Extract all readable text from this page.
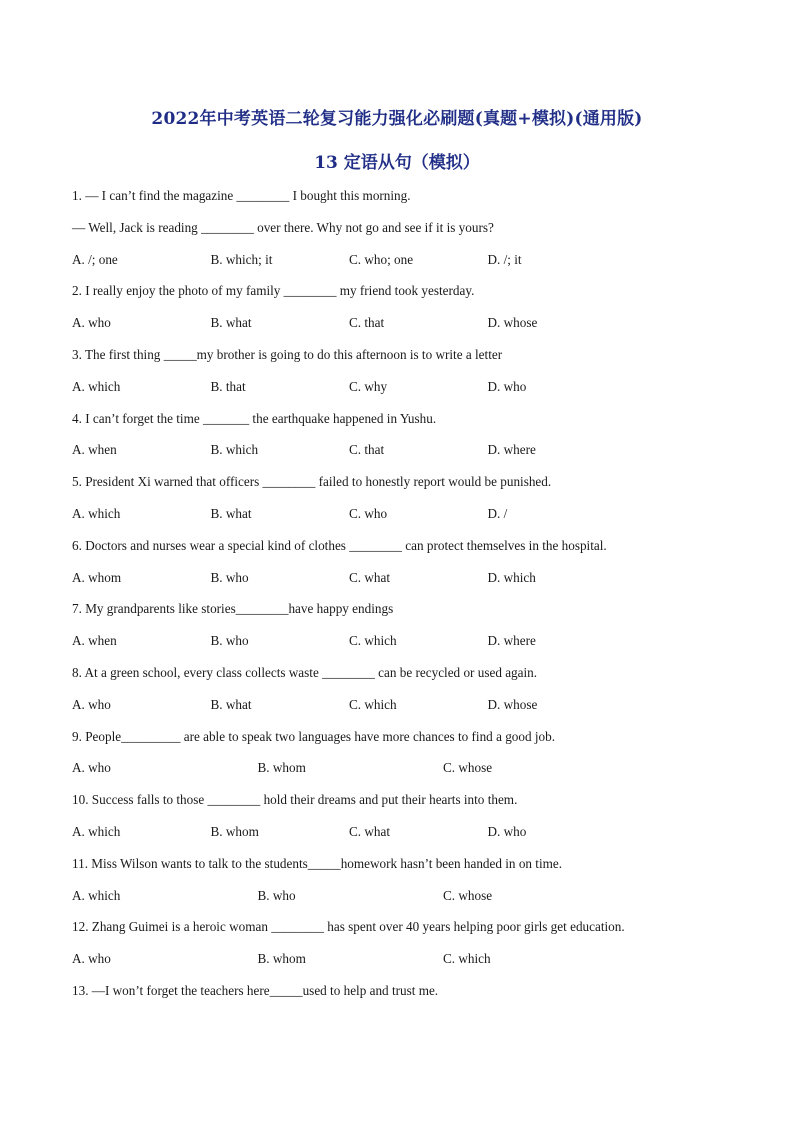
2022年中考英语二轮复习能力强化必刷题(真题+模拟)(通用版)
13 定语从句（模拟）
1. — I can’t find the magazine ________ I bought this morning.
— Well, Jack is reading ________ over there. Why not go and see if it is yours?
A. /; one	B. which; it	C. who; one	D. /; it
2. I really enjoy the photo of my family ________ my friend took yesterday.
A. who	B. what	C. that	D. whose
3. The first thing _____my brother is going to do this afternoon is to write a letter
A. which	B. that	C. why	D. who
4. I can’t forget the time _______ the earthquake happened in Yushu.
A. when	B. which	C. that	D. where
5. President Xi warned that officers ________ failed to honestly report would be punished.
A. which	B. what	C. who	D. /
6. Doctors and nurses wear a special kind of clothes ________ can protect themselves in the hospital.
A. whom	B. who	C. what	D. which
7. My grandparents like stories________have happy endings
A. when	B. who	C. which	D. where
8. At a green school, every class collects waste ________ can be recycled or used again.
A. who	B. what	C. which	D. whose
9. People_________ are able to speak two languages have more chances to find a good job.
A. who	B. whom	C. whose
10. Success falls to those ________ hold their dreams and put their hearts into them.
A. which	B. whom	C. what	D. who
11. Miss Wilson wants to talk to the students_____homework hasn’t been handed in on time.
A. which	B. who	C. whose
12. Zhang Guimei is a heroic woman ________ has spent over 40 years helping poor girls get education.
A. who	B. whom	C. which
13. —I won’t forget the teachers here_____used to help and trust me.
